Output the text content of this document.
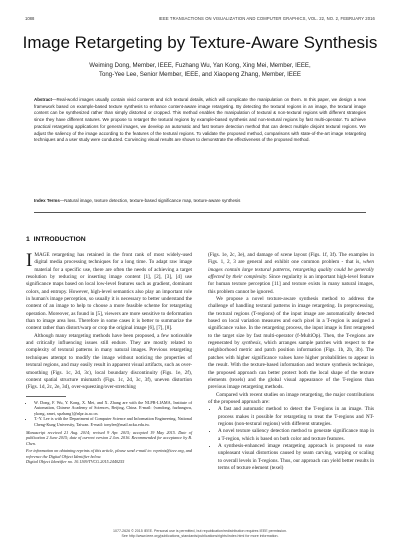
1088	IEEE TRANSACTIONS ON VISUALIZATION AND COMPUTER GRAPHICS, VOL. 22, NO. 2, FEBRUARY 2016
Image Retargeting by Texture-Aware Synthesis
Weiming Dong, Member, IEEE, Fuzhang Wu, Yan Kong, Xing Mei, Member, IEEE,
Tong-Yee Lee, Senior Member, IEEE, and Xiaopeng Zhang, Member, IEEE
Abstract—Real-world images usually contain vivid contents and rich textural details, which will complicate the manipulation on them. In this paper, we design a new framework based on example-based texture synthesis to enhance content-aware image retargeting. By detecting the textural regions in an image, the textural image content can be synthesized rather than simply distorted or cropped. This method enables the manipulation of textural & non-textural regions with different strategies since they have different natures. We propose to retarget the textural regions by example-based synthesis and non-textural regions by fast multi-operator. To achieve practical retargeting applications for general images, we develop an automatic and fast texture detection method that can detect multiple disjoint textural regions. We adjust the saliency of the image according to the features of the textural regions. To validate the proposed method, comparisons with state-of-the-art image retargeting techniques and a user study were conducted. Convincing visual results are shown to demonstrate the effectiveness of the proposed method.
Index Terms—Natural image, texture detection, texture-based significance map, texture-aware synthesis
1 INTRODUCTION

IMAGE retargeting has retained in the front rank of most widely-used digital media processing techniques for a long time. To adapt raw image material for a specific use, there are often the needs of achieving a target resolution by reducing or inserting image content [1], [2], [3], [4] use significance maps based on local low-level features such as gradient, dominant colors, and entropy. However, high-level semantics also play an important role in human's image perception, so usually it is necessary to better understand the content of an image to help to choose a more feasible scheme for retargeting operation. Moreover, as found in [5], viewers are more sensitive to deformation than to image area loss. Therefore in some cases it is better to summarize the content rather than distort/warp or crop the original image [6], [7], [8].

Although many retargeting methods have been proposed, a few noticeable and critically influencing issues still endure. They are mostly related to complexity of textural patterns in many natural images. Previous retargeting techniques attempt to modify the image without noticing the properties of textural regions, and may easily result in apparent visual artifacts, such as over-smoothing (Figs. 1c, 2d, 3c), local boundary discontinuity (Figs. 1e, 2f), content spatial structure mismatch (Figs. 1c, 2d, 3c, 3f), uneven distortion (Figs. 1d, 2c, 2e, 3d), over-squeezing/over-stretching

• W. Dong, F. Wu, Y. Kong, X. Mei, and X. Zhang are with the NLPR-LIAMA, Institute of Automation, Chinese Academy of Sciences, Beijing, China. E-mail: {wmdong, fuzhangwu, ykong, xmei, xpzhang}@nlpr.ia.ac.cn.
• T.-Y. Lee is with the Department of Computer Science and Information Engineering, National Cheng-Kung University, Taiwan. E-mail: tonylee@mail.ncku.edu.tw.
Manuscript received 21 Aug. 2014; revised 9 Apr. 2015; accepted 19 May 2015. Date of publication 2 June 2015; date of current version 2 Jan. 2016. Recommended for acceptance by B. Chen.
For information on obtaining reprints of this article, please send e-mail to: reprints@ieee.org, and reference the Digital Object Identifier below.
Digital Object Identifier no. 10.1109/TVCG.2015.2440255

(Figs. 1e, 2c, 3e), and damage of scene layout (Figs. 1f, 3f). The examples in Figs. 1, 2, 3 are general and exhibit one common problem - that is, when images contain large textural patterns, retargeting quality could be generally affected by their complexity. Since regularity is an important high-level feature for human texture perception [11] and texture exists in many natural images, this problem cannot be ignored.

We propose a novel texture-aware synthesis method to address the challenge of handling textural patterns in image retargeting. In preprocessing, the textural regions (T-regions) of the input image are automatically detected based on local variation measures and each pixel in a T-region is assigned a significance value. In the retargeting process, the input image is first retargeted to the target size by fast multi-operator (f-MultiOp). Then, the T-regions are regenerated by synthesis, which arranges sample patches with respect to the neighborhood metric and patch position information (Figs. 1b, 2b, 3b). The patches with higher significance values have higher probabilities to appear in the result. With the texture-based information and texture synthesis technique, the proposed approach can better protect both the local shape of the texture elements (texels) and the global visual appearance of the T-regions than previous image retargeting methods.

Compared with recent studies on image retargeting, the major contributions of the proposed approach are:

• A fast and automatic method to detect the T-regions in an image. This process makes it possible for retargeting to treat the T-regions and NT-regions (non-textural regions) with different strategies.
• A novel texture saliency detection method to generate significance map in a T-region, which is based on both color and texture features.
• A synthesis-enhanced image retargeting approach is proposed to ease unpleasant visual distortions caused by seam carving, warping or scaling to overall levels in T-regions. Thus, our approach can yield better results in terms of texture element (texel)
1077-2626 © 2015 IEEE. Personal use is permitted, but republication/redistribution requires IEEE permission.
See http://www.ieee.org/publications_standards/publications/rights/index.html for more information.
